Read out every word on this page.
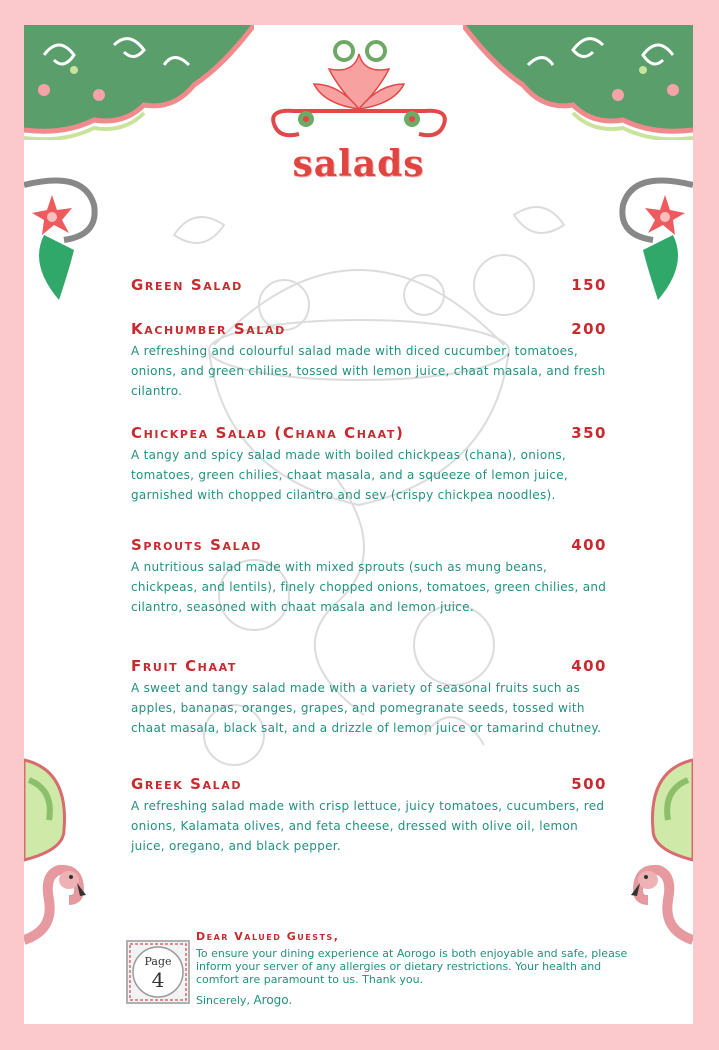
salads
Green Salad	150
Kachumber Salad	200
A refreshing and colourful salad made with diced cucumber, tomatoes, onions, and green chilies, tossed with lemon juice, chaat masala, and fresh cilantro.
Chickpea Salad (Chana Chaat)	350
A tangy and spicy salad made with boiled chickpeas (chana), onions, tomatoes, green chilies, chaat masala, and a squeeze of lemon juice, garnished with chopped cilantro and sev (crispy chickpea noodles).
Sprouts Salad	400
A nutritious salad made with mixed sprouts (such as mung beans, chickpeas, and lentils), finely chopped onions, tomatoes, green chilies, and cilantro, seasoned with chaat masala and lemon juice.
Fruit Chaat	400
A sweet and tangy salad made with a variety of seasonal fruits such as apples, bananas, oranges, grapes, and pomegranate seeds, tossed with chaat masala, black salt, and a drizzle of lemon juice or tamarind chutney.
Greek Salad	500
A refreshing salad made with crisp lettuce, juicy tomatoes, cucumbers, red onions, Kalamata olives, and feta cheese, dressed with olive oil, lemon juice, oregano, and black pepper.
Page
4
Dear Valued Guests,
To ensure your dining experience at Aorogo is both enjoyable and safe, please inform your server of any allergies or dietary restrictions. Your health and comfort are paramount to us. Thank you.
Sincerely, Arogo.
